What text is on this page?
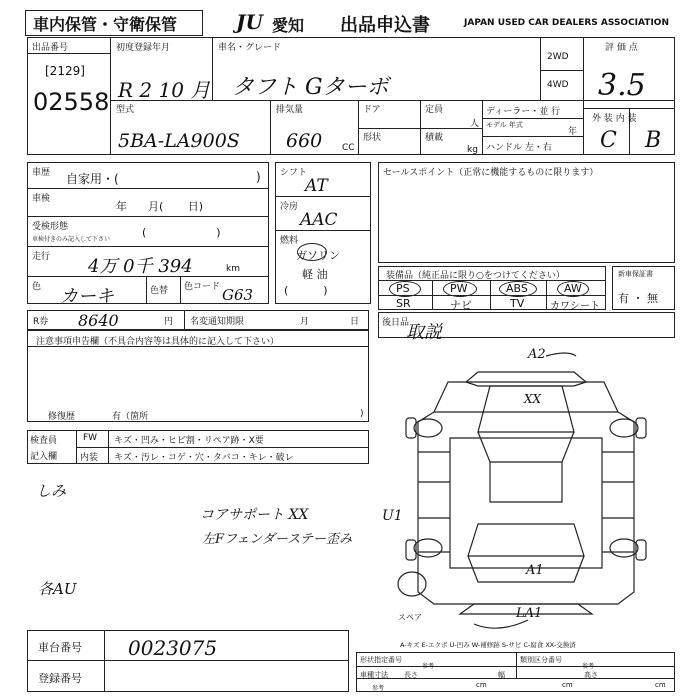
車内保管・守衛保管	JU 愛知 出品申込書	JAPAN USED CAR DEALERS ASSOCIATION
出品番号
[2129]
02558
初度登録年月
R 2 10 月
車名・グレード
タフト Gターボ
2WD
4WD
評 価 点
3.5
型式
5BA-LA900S
排気量
660 CC
ドア	定員
人
形状	積載
kg
ディーラー・並 行
モデル 年式
年
ハンドル 左・右
外 装 内 装
C B
車歴 自家用・(	)
車検
年      月(       日)
受検形態
車検付きのみ記入して下さい
(                    )
走行 4万 0千 394	km
色 カーキ	色替 色コード G63
シフト
AT
冷房
AAC
燃料
ガソリン
軽 油
(          )
セールスポイント（正常に機能するものに限ります）
装備品（純正品に限り○をつけてください）
PS	PW	ABS	AW
SR	ナビ	TV	カワシート
新車保証書
有 ・ 無
R券 8640	円 名変通知期限	月	日	後日品
取説
注意事項申告欄（不具合内容等は具体的に記入して下さい）
修復歴	有（箇所	)
検査員
記入欄
FW キズ・凹み・ヒビ割・リペア跡・X要
内装 キズ・汚レ・コゲ・穴・タバコ・キレ・破レ
しみ
コアサポート XX
左Fフェンダーステー歪み
各AU
A2
XX
U1
A1
LA1
スペア
A-キズ E-エクボ U-凹み W-補修跡 S-サビ C-腐食 XX-交換済
車台番号 0023075
登録番号
形状指定番号
参考
類別区分番号
参考
車種寸法 長さ	幅	高さ
cm	cm	cm
参考
